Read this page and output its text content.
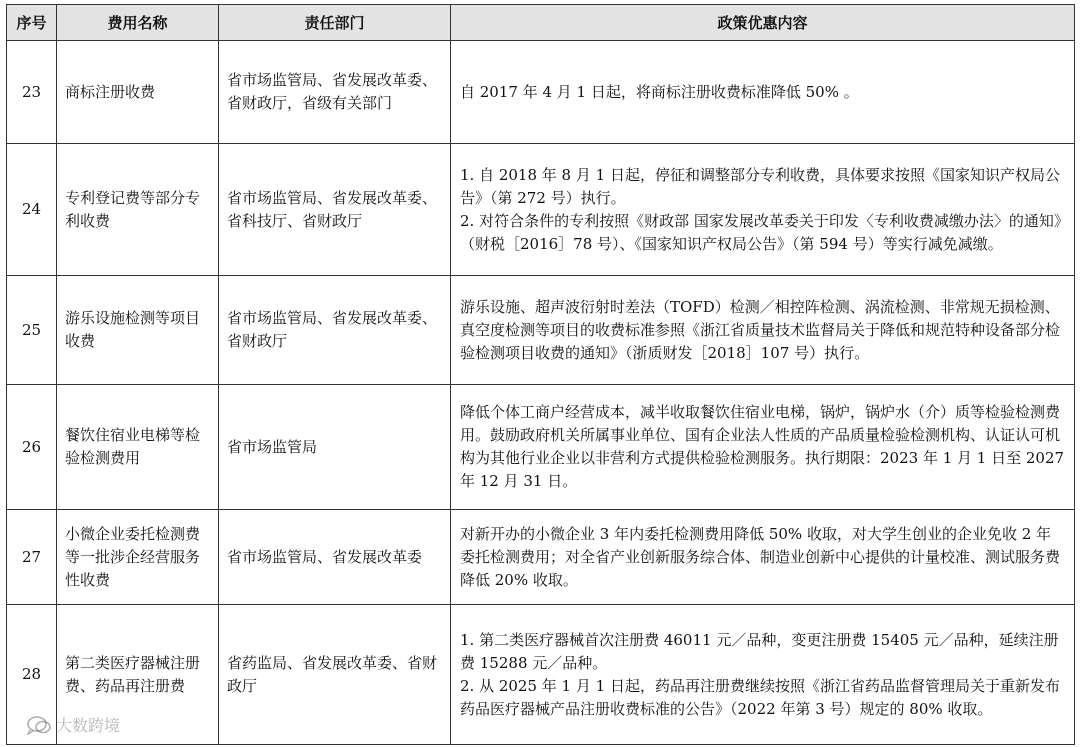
序号	费用名称	责任部门	政策优惠内容
23	商标注册收费	省市场监管局、省发展改革委、省财政厅，省级有关部门	自 2017 年 4 月 1 日起，将商标注册收费标准降低 50% 。

24	专利登记费等部分专利收费	省市场监管局、省发展改革委、省科技厅、省财政厅	1. 自 2018 年 8 月 1 日起，停征和调整部分专利收费，具体要求按照《国家知识产权局公告》（第 272 号）执行。
2. 对符合条件的专利按照《财政部 国家发展改革委关于印发〈专利收费减缴办法〉的通知》（财税［2016］78 号）、《国家知识产权局公告》（第 594 号）等实行减免减缴。

25	游乐设施检测等项目收费	省市场监管局、省发展改革委、省财政厅	游乐设施、超声波衍射时差法（TOFD）检测／相控阵检测、涡流检测、非常规无损检测、真空度检测等项目的收费标准参照《浙江省质量技术监督局关于降低和规范特种设备部分检验检测项目收费的通知》（浙质财发［2018］107 号）执行。

26	餐饮住宿业电梯等检验检测费用	省市场监管局	降低个体工商户经营成本，减半收取餐饮住宿业电梯，锅炉，锅炉水（介）质等检验检测费用。鼓励政府机关所属事业单位、国有企业法人性质的产品质量检验检测机构、认证认可机构为其他行业企业以非营利方式提供检验检测服务。执行期限：2023 年 1 月 1 日至 2027 年 12 月 31 日。

27	小微企业委托检测费等一批涉企经营服务性收费	省市场监管局、省发展改革委	对新开办的小微企业 3 年内委托检测费用降低 50% 收取，对大学生创业的企业免收 2 年委托检测费用；对全省产业创新服务综合体、制造业创新中心提供的计量校准、测试服务费降低 20% 收取。

28	第二类医疗器械注册费、药品再注册费	省药监局、省发展改革委、省财政厅	1. 第二类医疗器械首次注册费 46011 元／品种，变更注册费 15405 元／品种，延续注册费 15288 元／品种。
2. 从 2025 年 1 月 1 日起，药品再注册费继续按照《浙江省药品监督管理局关于重新发布药品医疗器械产品注册收费标准的公告》（2022 年第 3 号）规定的 80% 收取。
大数跨境
